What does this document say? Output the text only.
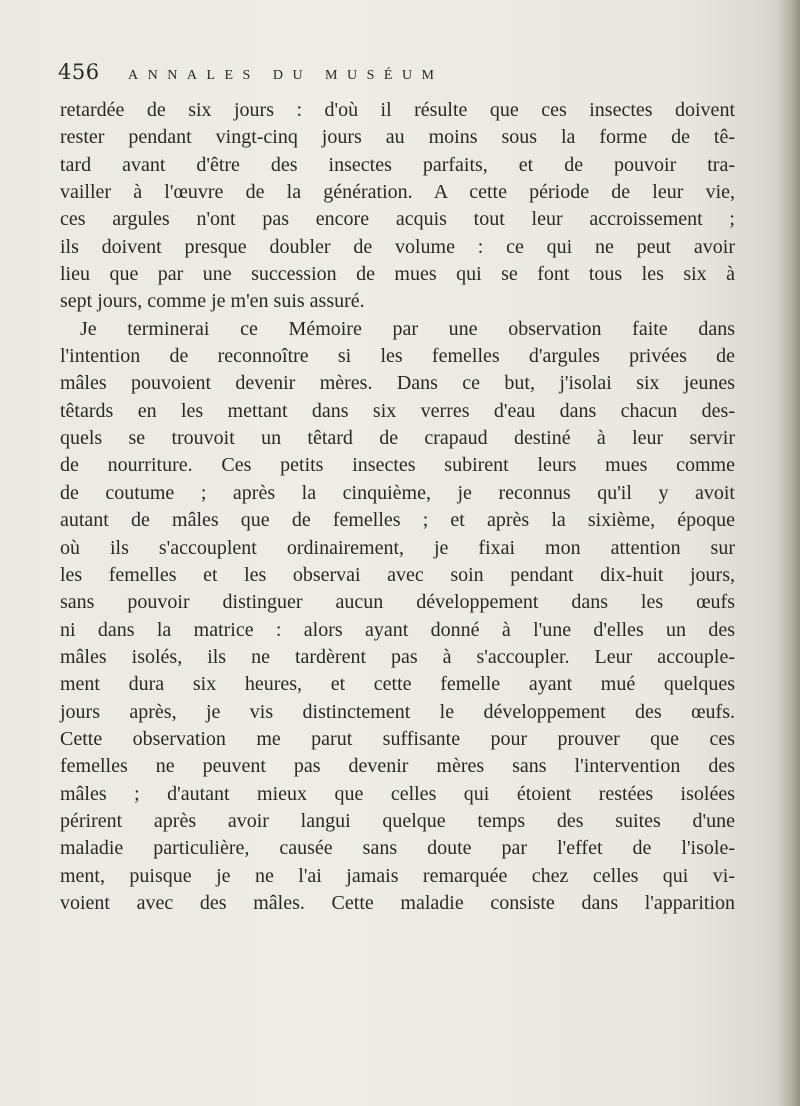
456 ANNALES DU MUSÉUM
retardée de six jours : d'où il résulte que ces insectes doivent
rester pendant vingt-cinq jours au moins sous la forme de tê-
tard avant d'être des insectes parfaits, et de pouvoir tra-
vailler à l'œuvre de la génération. A cette période de leur vie,
ces argules n'ont pas encore acquis tout leur accroissement ;
ils doivent presque doubler de volume : ce qui ne peut avoir
lieu que par une succession de mues qui se font tous les six à
sept jours, comme je m'en suis assuré.
Je terminerai ce Mémoire par une observation faite dans
l'intention de reconnoître si les femelles d'argules privées de
mâles pouvoient devenir mères. Dans ce but, j'isolai six jeunes
têtards en les mettant dans six verres d'eau dans chacun des-
quels se trouvoit un têtard de crapaud destiné à leur servir
de nourriture. Ces petits insectes subirent leurs mues comme
de coutume ; après la cinquième, je reconnus qu'il y avoit
autant de mâles que de femelles ; et après la sixième, époque
où ils s'accouplent ordinairement, je fixai mon attention sur
les femelles et les observai avec soin pendant dix-huit jours,
sans pouvoir distinguer aucun développement dans les œufs
ni dans la matrice : alors ayant donné à l'une d'elles un des
mâles isolés, ils ne tardèrent pas à s'accoupler. Leur accouple-
ment dura six heures, et cette femelle ayant mué quelques
jours après, je vis distinctement le développement des œufs.
Cette observation me parut suffisante pour prouver que ces
femelles ne peuvent pas devenir mères sans l'intervention des
mâles ; d'autant mieux que celles qui étoient restées isolées
périrent après avoir langui quelque temps des suites d'une
maladie particulière, causée sans doute par l'effet de l'isole-
ment, puisque je ne l'ai jamais remarquée chez celles qui vi-
voient avec des mâles. Cette maladie consiste dans l'apparition
